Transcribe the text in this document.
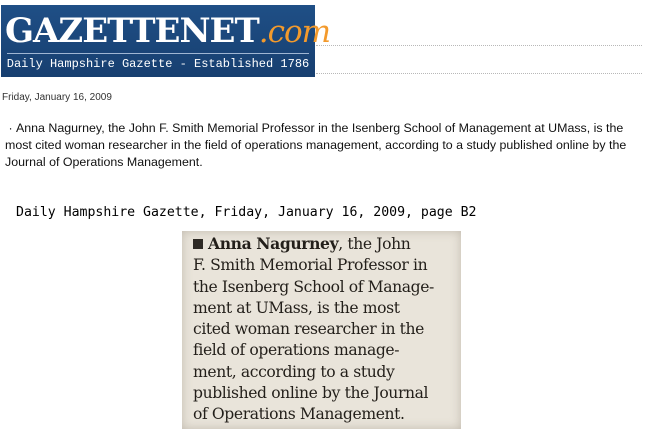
GAZETTENET.com
Daily Hampshire Gazette - Established 1786
Friday, January 16, 2009

· Anna Nagurney, the John F. Smith Memorial Professor in the Isenberg School of Management at UMass, is the most cited woman researcher in the field of operations management, according to a study published online by the Journal of Operations Management.

Daily Hampshire Gazette, Friday, January 16, 2009, page B2
Anna Nagurney, the John
F. Smith Memorial Professor in
the Isenberg School of Manage-
ment at UMass, is the most
cited woman researcher in the
field of operations manage-
ment, according to a study
published online by the Journal
of Operations Management.
